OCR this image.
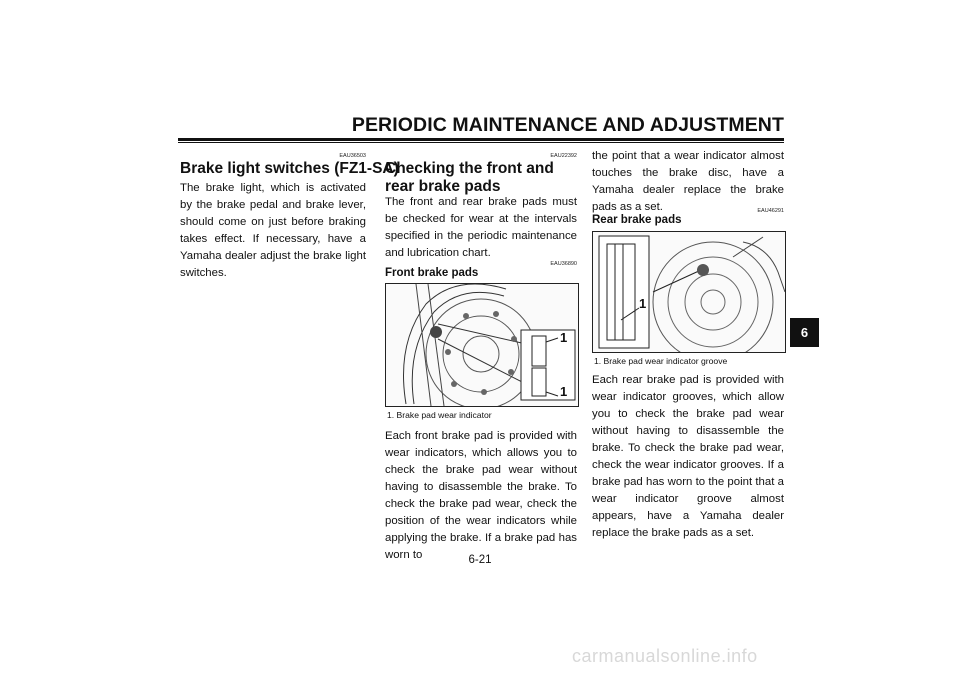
PERIODIC MAINTENANCE AND ADJUSTMENT
EAU36503
Brake light switches (FZ1-SA)
The brake light, which is activated by the brake pedal and brake lever, should come on just before braking takes effect. If necessary, have a Yamaha dealer adjust the brake light switches.
EAU22392
Checking the front and rear brake pads
The front and rear brake pads must be checked for wear at the intervals specified in the periodic maintenance and lubrication chart.
EAU36890
Front brake pads
1
1
1. Brake pad wear indicator
Each front brake pad is provided with wear indicators, which allows you to check the brake pad wear without having to disassemble the brake. To check the brake pad wear, check the position of the wear indicators while applying the brake. If a brake pad has worn to
the point that a wear indicator almost touches the brake disc, have a Yamaha dealer replace the brake pads as a set.	EAU46291
Rear brake pads
1
1. Brake pad wear indicator groove
Each rear brake pad is provided with wear indicator grooves, which allow you to check the brake pad wear without having to disassemble the brake. To check the brake pad wear, check the wear indicator grooves. If a brake pad has worn to the point that a wear indicator groove almost appears, have a Yamaha dealer replace the brake pads as a set.
6
6-21
carmanualsonline.info
